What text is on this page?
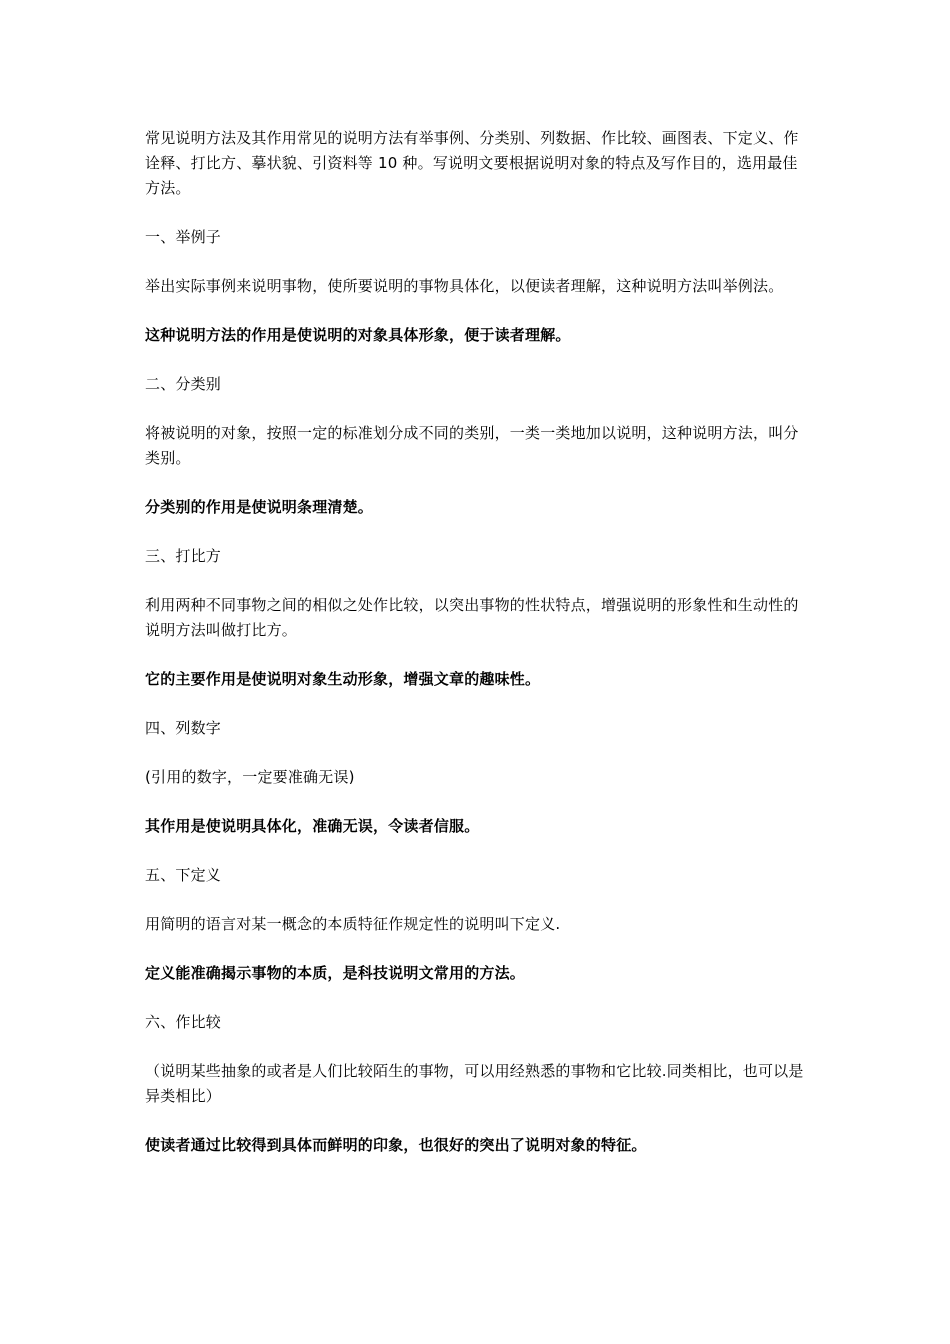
常见说明方法及其作用常见的说明方法有举事例、分类别、列数据、作比较、画图表、下定义、作诠释、打比方、摹状貌、引资料等 10 种。写说明文要根据说明对象的特点及写作目的，选用最佳方法。

一、举例子

举出实际事例来说明事物，使所要说明的事物具体化，以便读者理解，这种说明方法叫举例法。

这种说明方法的作用是使说明的对象具体形象，便于读者理解。

二、分类别

将被说明的对象，按照一定的标准划分成不同的类别，一类一类地加以说明，这种说明方法，叫分类别。

分类别的作用是使说明条理清楚。

三、打比方

利用两种不同事物之间的相似之处作比较，以突出事物的性状特点，增强说明的形象性和生动性的说明方法叫做打比方。

它的主要作用是使说明对象生动形象，增强文章的趣味性。

四、列数字

(引用的数字，一定要准确无误)

其作用是使说明具体化，准确无误，令读者信服。

五、下定义

用简明的语言对某一概念的本质特征作规定性的说明叫下定义.

定义能准确揭示事物的本质，是科技说明文常用的方法。

六、作比较

（说明某些抽象的或者是人们比较陌生的事物，可以用经熟悉的事物和它比较.同类相比，也可以是异类相比）

使读者通过比较得到具体而鲜明的印象，也很好的突出了说明对象的特征。
